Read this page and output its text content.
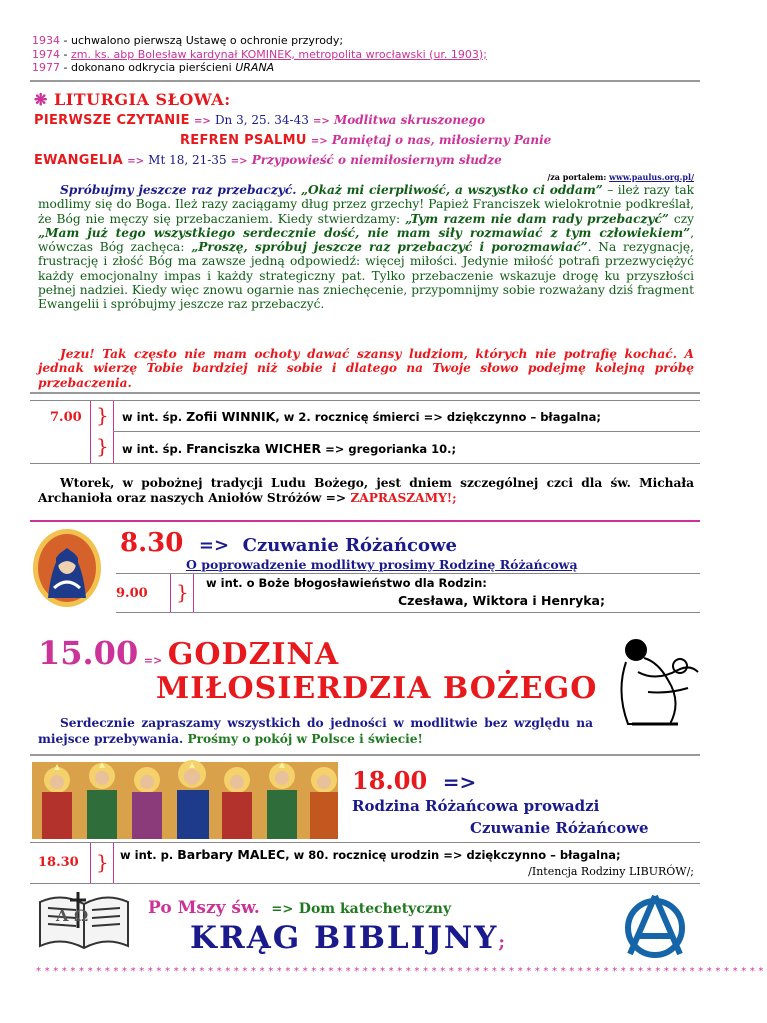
1934 - uchwalono pierwszą Ustawę o ochronie przyrody;
1974 - zm. ks. abp Bolesław kardynał KOMINEK, metropolita wrocławski (ur. 1903);
1977 - dokonano odkrycia pierścieni URANA
❋ LITURGIA SŁOWA:
PIERWSZE CZYTANIE => Dn 3, 25. 34-43 => Modlitwa skruszonego
REFREN PSALMU => Pamiętaj o nas, miłosierny Panie
EWANGELIA => Mt 18, 21-35 => Przypowieść o niemiłosiernym słudze
/za portalem: www.paulus.org.pl/
Spróbujmy jeszcze raz przebaczyć. „Okaż mi cierpliwość, a wszystko ci oddam” – ileż razy tak modlimy się do Boga. Ileż razy zaciągamy dług przez grzechy! Papież Franciszek wielokrotnie podkreślał, że Bóg nie męczy się przebaczaniem. Kiedy stwierdzamy: „Tym razem nie dam rady przebaczyć” czy „Mam już tego wszystkiego serdecznie dość, nie mam siły rozmawiać z tym człowiekiem”, wówczas Bóg zachęca: „Proszę, spróbuj jeszcze raz przebaczyć i porozmawiać”. Na rezygnację, frustrację i złość Bóg ma zawsze jedną odpowiedź: więcej miłości. Jedynie miłość potrafi przezwyciężyć każdy emocjonalny impas i każdy strategiczny pat. Tylko przebaczenie wskazuje drogę ku przyszłości pełnej nadziei. Kiedy więc znowu ogarnie nas zniechęcenie, przypomnijmy sobie rozważany dziś fragment Ewangelii i spróbujmy jeszcze raz przebaczyć.
Jezu! Tak często nie mam ochoty dawać szansy ludziom, których nie potrafię kochać. A jednak wierzę Tobie bardziej niż sobie i dlatego na Twoje słowo podejmę kolejną próbę przebaczenia.
7.00 }
}
w int. śp. Zofii WINNIK, w 2. rocznicę śmierci => dziękczynno – błagalna;
w int. śp. Franciszka WICHER => gregorianka 10.;
Wtorek, w pobożnej tradycji Ludu Bożego, jest dniem szczególnej czci dla św. Michała Archanioła oraz naszych Aniołów Stróżów => ZAPRASZAMY!;
8.30 => Czuwanie Różańcowe
O poprowadzenie modlitwy prosimy Rodzinę Różańcową
9.00 } w int. o Boże błogosławieństwo dla Rodzin:
Czesława, Wiktora i Henryka;
15.00 => GODZINA
MIŁOSIERDZIA BOŻEGO
Serdecznie zapraszamy wszystkich do jedności w modlitwie bez względu na miejsce przebywania. Prośmy o pokój w Polsce i świecie!
18.00 =>
Rodzina Różańcowa prowadzi
Czuwanie Różańcowe
18.30 } w int. p. Barbary MALEC, w 80. rocznicę urodzin => dziękczynno – błagalna;
/Intencja Rodziny LIBURÓW/;
A Ω	Po Mszy św. => Dom katechetyczny
KRĄG BIBLIJNY;
*************************************************************************************
